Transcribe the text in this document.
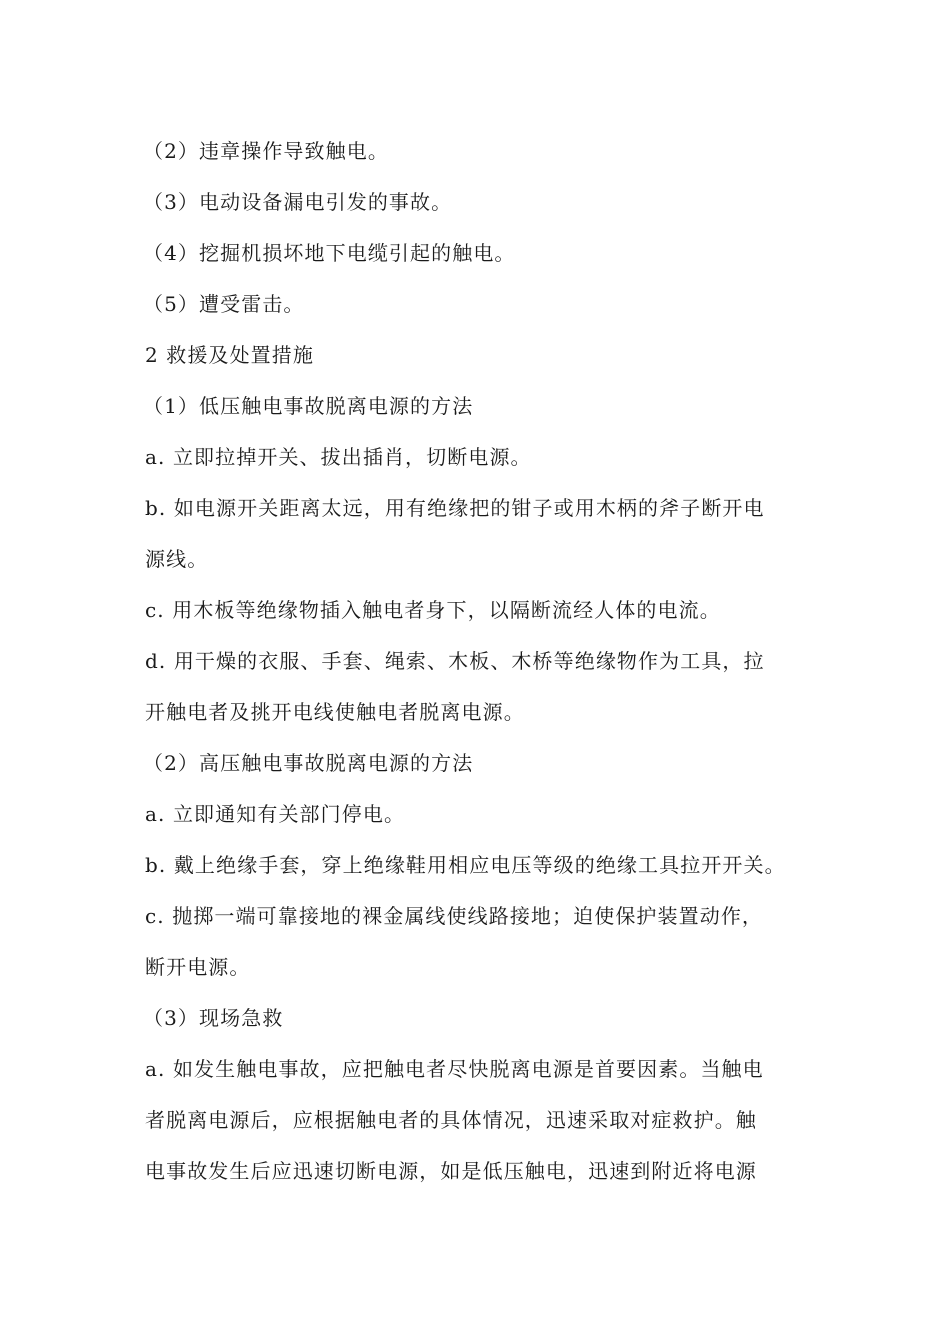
（2）违章操作导致触电。
（3）电动设备漏电引发的事故。
（4）挖掘机损坏地下电缆引起的触电。
（5）遭受雷击。
2 救援及处置措施
（1）低压触电事故脱离电源的方法
a. 立即拉掉开关、拔出插肖，切断电源。
b. 如电源开关距离太远，用有绝缘把的钳子或用木柄的斧子断开电
源线。
c. 用木板等绝缘物插入触电者身下，以隔断流经人体的电流。
d. 用干燥的衣服、手套、绳索、木板、木桥等绝缘物作为工具，拉
开触电者及挑开电线使触电者脱离电源。
（2）高压触电事故脱离电源的方法
a. 立即通知有关部门停电。
b. 戴上绝缘手套，穿上绝缘鞋用相应电压等级的绝缘工具拉开开关。
c. 抛掷一端可靠接地的裸金属线使线路接地；迫使保护装置动作，
断开电源。
（3）现场急救
a. 如发生触电事故，应把触电者尽快脱离电源是首要因素。当触电
者脱离电源后，应根据触电者的具体情况，迅速采取对症救护。触
电事故发生后应迅速切断电源，如是低压触电，迅速到附近将电源
